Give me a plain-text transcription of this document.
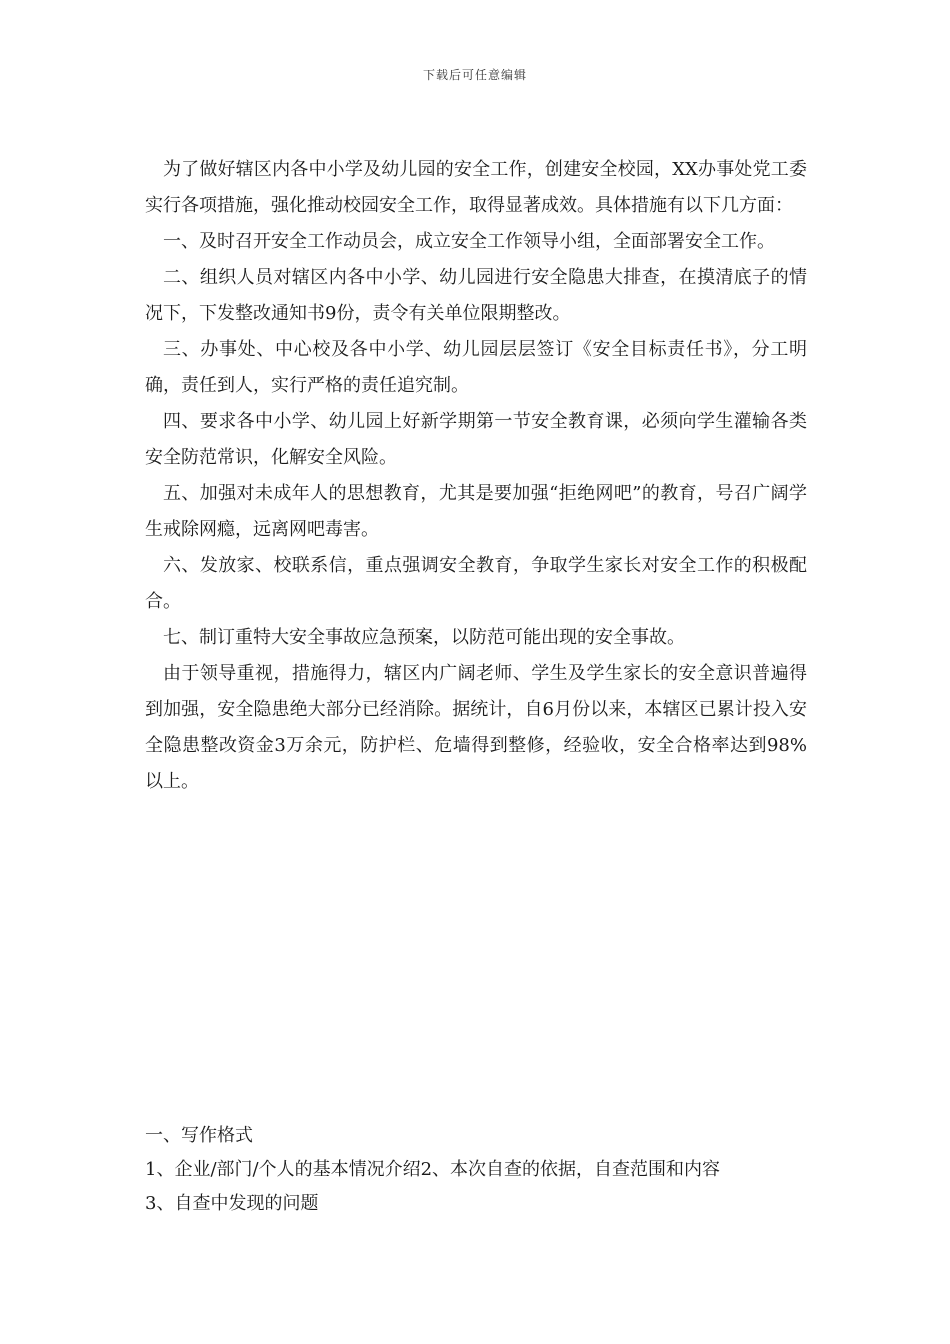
下载后可任意编辑

为了做好辖区内各中小学及幼儿园的安全工作，创建安全校园，XX办事处党工委实行各项措施，强化推动校园安全工作，取得显著成效。具体措施有以下几方面：

一、及时召开安全工作动员会，成立安全工作领导小组，全面部署安全工作。

二、组织人员对辖区内各中小学、幼儿园进行安全隐患大排查，在摸清底子的情况下，下发整改通知书9份，责令有关单位限期整改。

三、办事处、中心校及各中小学、幼儿园层层签订《安全目标责任书》，分工明确，责任到人，实行严格的责任追究制。

四、要求各中小学、幼儿园上好新学期第一节安全教育课，必须向学生灌输各类安全防范常识，化解安全风险。

五、加强对未成年人的思想教育，尤其是要加强“拒绝网吧”的教育，号召广阔学生戒除网瘾，远离网吧毒害。

六、发放家、校联系信，重点强调安全教育，争取学生家长对安全工作的积极配合。

七、制订重特大安全事故应急预案，以防范可能出现的安全事故。

由于领导重视，措施得力，辖区内广阔老师、学生及学生家长的安全意识普遍得到加强，安全隐患绝大部分已经消除。据统计，自6月份以来，本辖区已累计投入安全隐患整改资金3万余元，防护栏、危墙得到整修，经验收，安全合格率达到98%以上。

一、写作格式

1、企业/部门/个人的基本情况介绍2、本次自查的依据，自查范围和内容

3、自查中发现的问题
